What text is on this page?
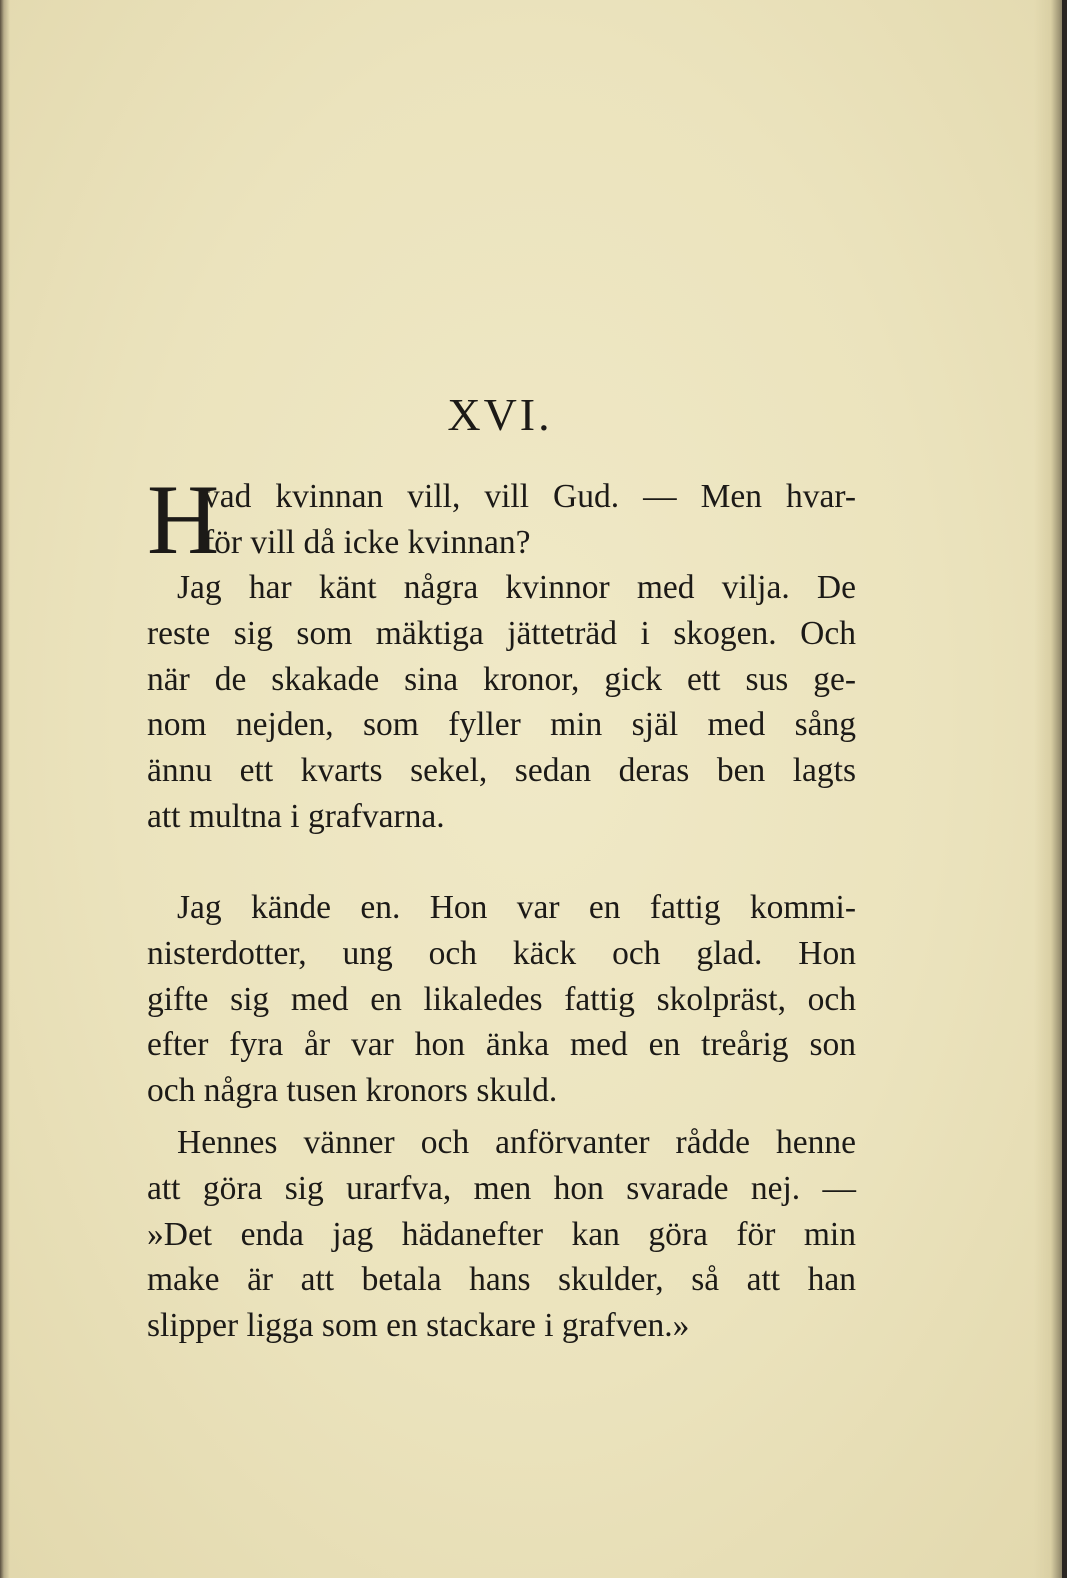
XVI.
H
vad kvinnan vill, vill Gud. — Men hvar-
för vill då icke kvinnan?
Jag har känt några kvinnor med vilja. De
reste sig som mäktiga jätteträd i skogen. Och
när de skakade sina kronor, gick ett sus ge-
nom nejden, som fyller min själ med sång
ännu ett kvarts sekel, sedan deras ben lagts
att multna i grafvarna.
Jag kände en. Hon var en fattig kommi-
nisterdotter, ung och käck och glad. Hon
gifte sig med en likaledes fattig skolpräst, och
efter fyra år var hon änka med en treårig son
och några tusen kronors skuld.
Hennes vänner och anförvanter rådde henne
att göra sig urarfva, men hon svarade nej. —
»Det enda jag hädanefter kan göra för min
make är att betala hans skulder, så att han
slipper ligga som en stackare i grafven.»
